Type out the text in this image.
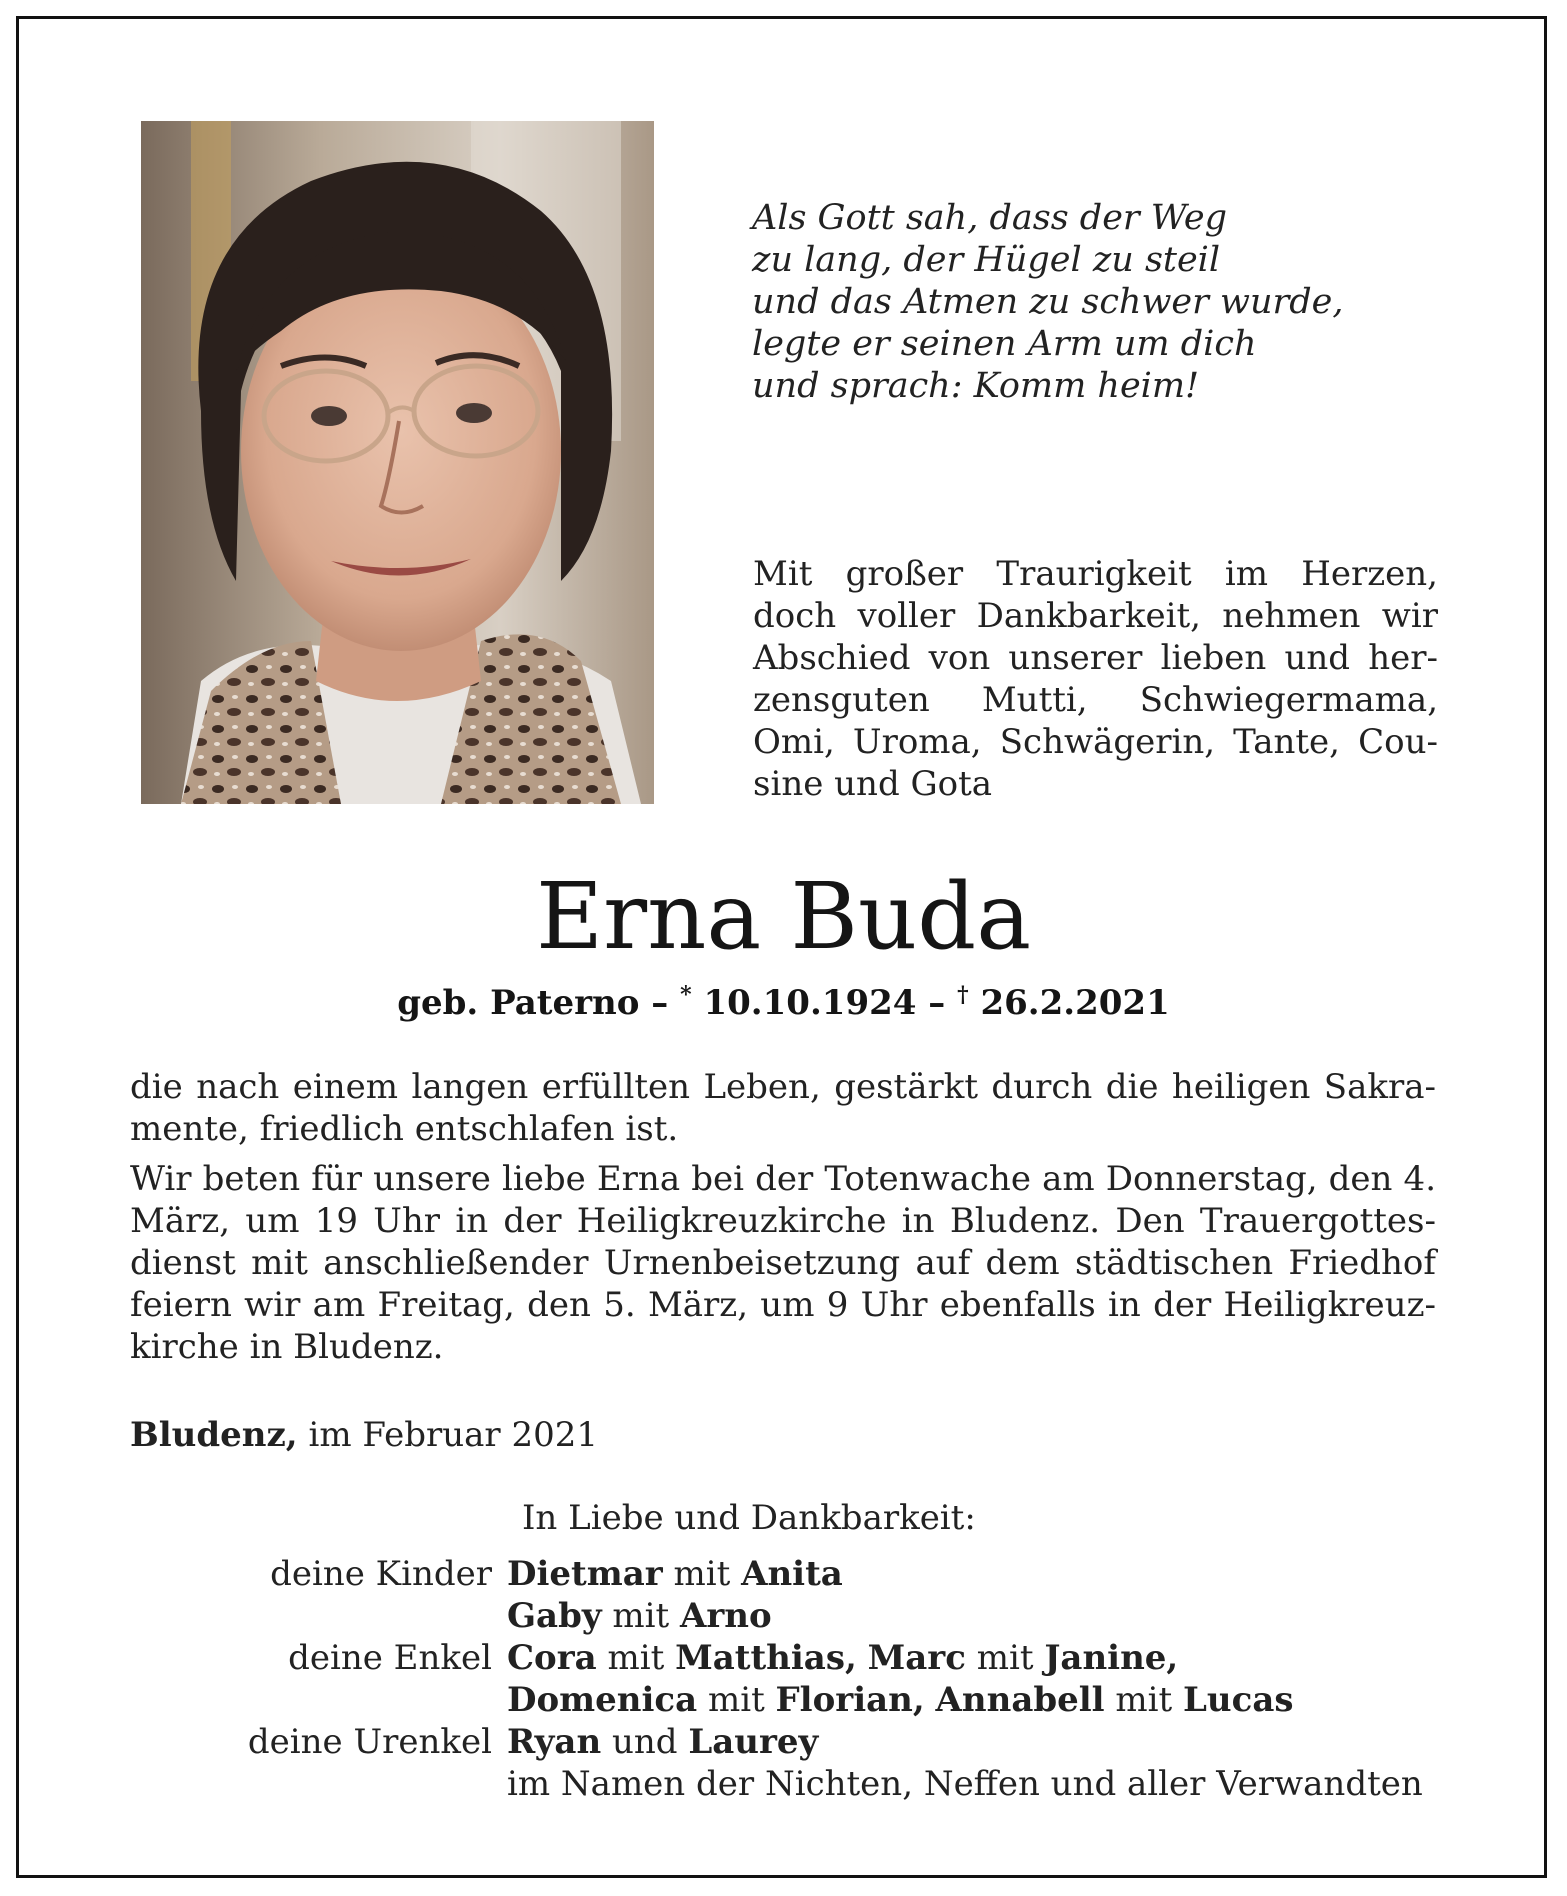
Als Gott sah, dass der Weg
zu lang, der Hügel zu steil
und das Atmen zu schwer wurde,
legte er seinen Arm um dich
und sprach: Komm heim!
Mit großer Traurigkeit im Herzen, doch voller Dankbarkeit, nehmen wir Abschied von unserer lieben und herzensguten Mutti, Schwiegermama, Omi, Uroma, Schwägerin, Tante, Cousine und Gota
Erna Buda
geb. Paterno – * 10.10.1924 – † 26.2.2021

die nach einem langen erfüllten Leben, gestärkt durch die heiligen Sakramente, friedlich entschlafen ist.

Wir beten für unsere liebe Erna bei der Totenwache am Donnerstag, den 4. März, um 19 Uhr in der Heiligkreuzkirche in Bludenz. Den Trauergottesdienst mit anschließender Urnenbeisetzung auf dem städtischen Friedhof feiern wir am Freitag, den 5. März, um 9 Uhr ebenfalls in der Heiligkreuzkirche in Bludenz.

Bludenz, im Februar 2021
In Liebe und Dankbarkeit:
deine Kinder Dietmar mit Anita
Gaby mit Arno
deine Enkel Cora mit Matthias, Marc mit Janine,
Domenica mit Florian, Annabell mit Lucas
deine Urenkel Ryan und Laurey
im Namen der Nichten, Neffen und aller Verwandten
